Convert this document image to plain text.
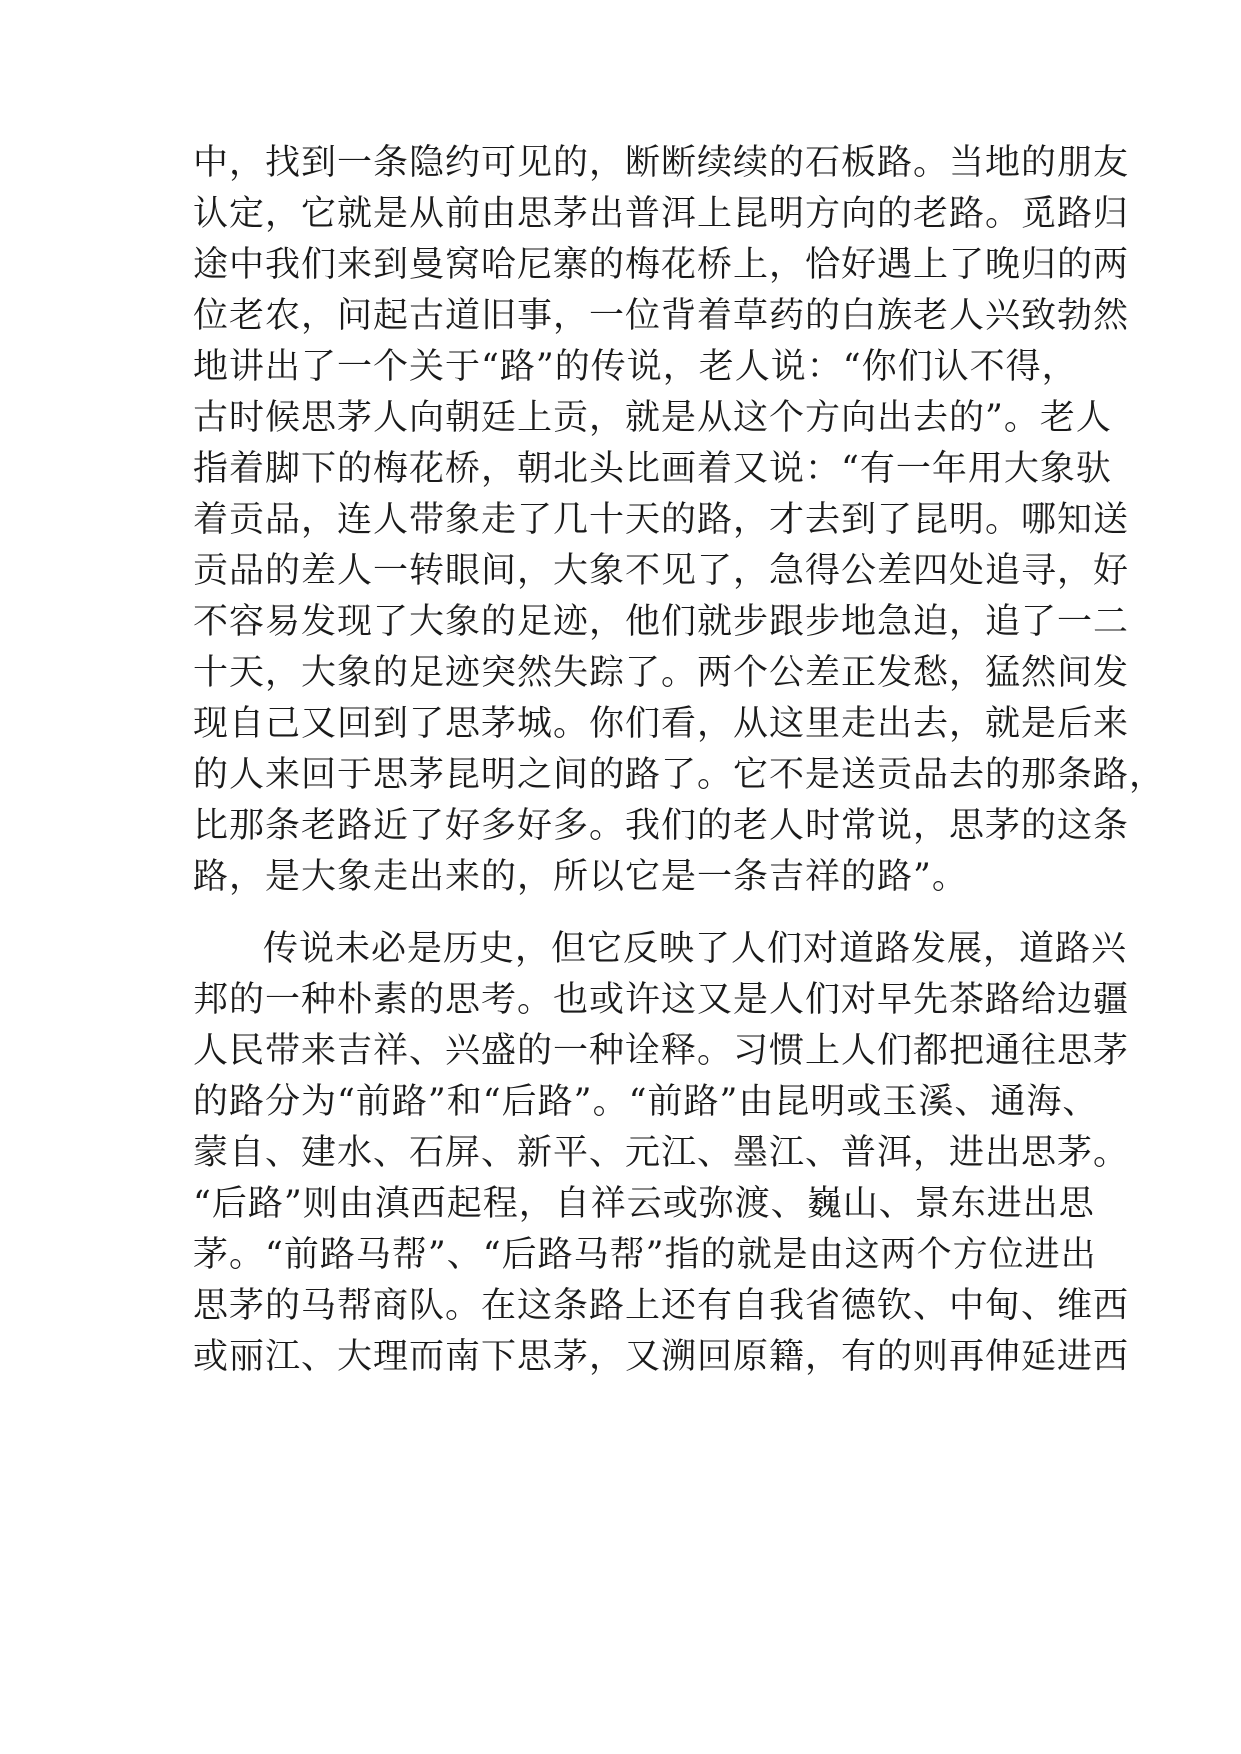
中，找到一条隐约可见的，断断续续的石板路。当地的朋友
认定，它就是从前由思茅出普洱上昆明方向的老路。觅路归
途中我们来到曼窝哈尼寨的梅花桥上，恰好遇上了晚归的两
位老农，问起古道旧事，一位背着草药的白族老人兴致勃然
地讲出了一个关于“路”的传说，老人说：“你们认不得，
古时候思茅人向朝廷上贡，就是从这个方向出去的”。老人
指着脚下的梅花桥，朝北头比画着又说：“有一年用大象驮
着贡品，连人带象走了几十天的路，才去到了昆明。哪知送
贡品的差人一转眼间，大象不见了，急得公差四处追寻，好
不容易发现了大象的足迹，他们就步跟步地急迫，追了一二
十天，大象的足迹突然失踪了。两个公差正发愁，猛然间发
现自己又回到了思茅城。你们看，从这里走出去，就是后来
的人来回于思茅昆明之间的路了。它不是送贡品去的那条路，
比那条老路近了好多好多。我们的老人时常说，思茅的这条
路，是大象走出来的，所以它是一条吉祥的路”。
传说未必是历史，但它反映了人们对道路发展，道路兴
邦的一种朴素的思考。也或许这又是人们对早先茶路给边疆
人民带来吉祥、兴盛的一种诠释。习惯上人们都把通往思茅
的路分为“前路”和“后路”。“前路”由昆明或玉溪、通海、
蒙自、建水、石屏、新平、元江、墨江、普洱，进出思茅。
“后路”则由滇西起程，自祥云或弥渡、巍山、景东进出思
茅。“前路马帮”、“后路马帮”指的就是由这两个方位进出
思茅的马帮商队。在这条路上还有自我省德钦、中甸、维西
或丽江、大理而南下思茅，又溯回原籍，有的则再伸延进西
